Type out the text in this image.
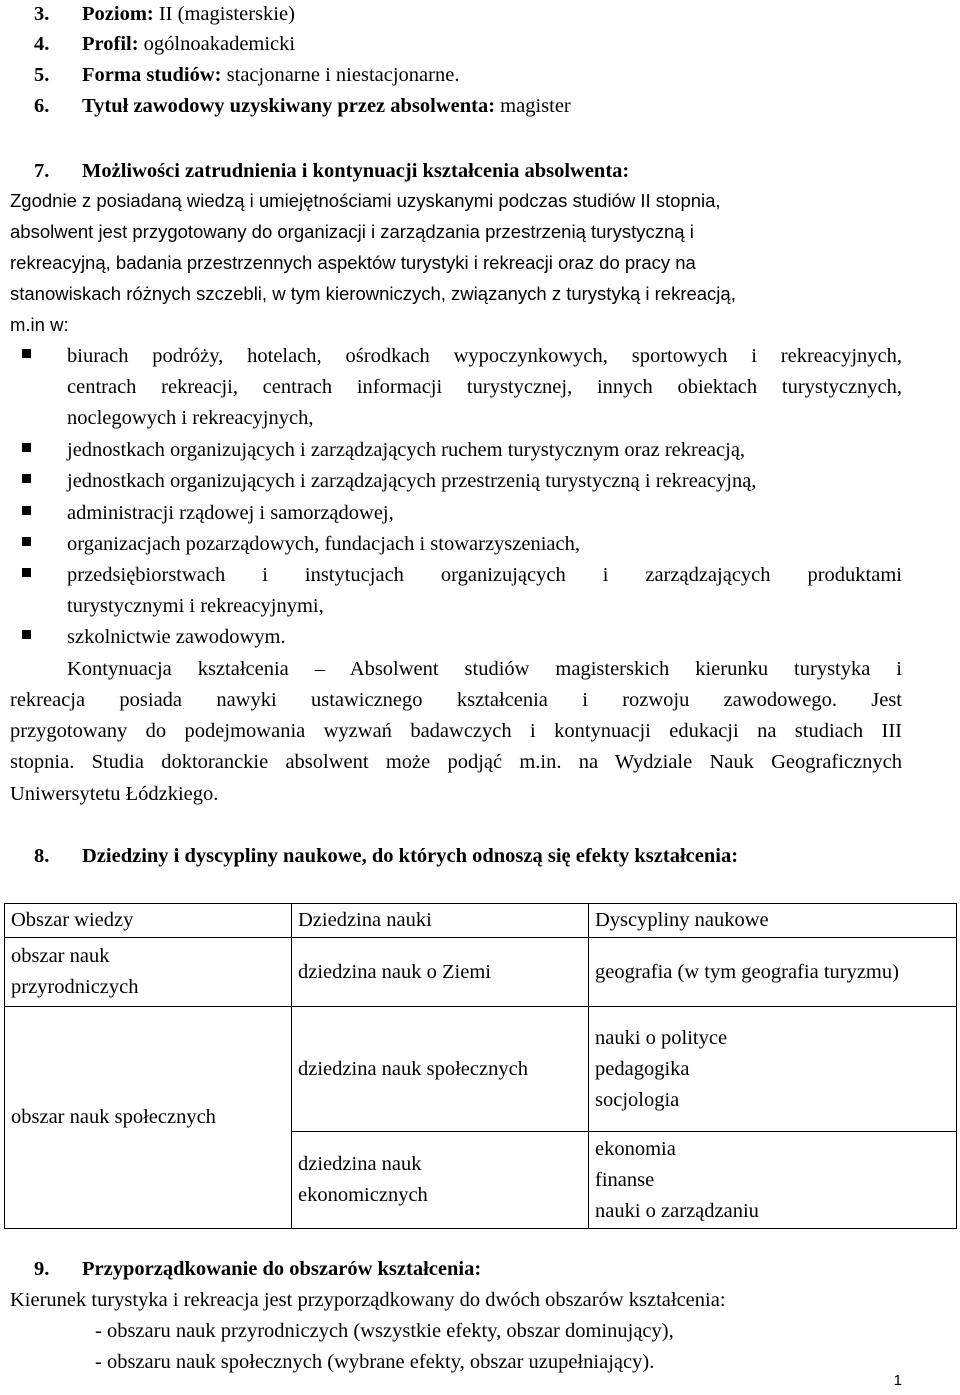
3. Poziom: II (magisterskie)
4. Profil: ogólnoakademicki
5. Forma studiów: stacjonarne i niestacjonarne.
6. Tytuł zawodowy uzyskiwany przez absolwenta: magister
7. Możliwości zatrudnienia i kontynuacji kształcenia absolwenta:
Zgodnie z posiadaną wiedzą i umiejętnościami uzyskanymi podczas studiów II stopnia,
absolwent jest przygotowany do organizacji i zarządzania przestrzenią turystyczną i
rekreacyjną, badania przestrzennych aspektów turystyki i rekreacji oraz do pracy na
stanowiskach różnych szczebli, w tym kierowniczych, związanych z turystyką i rekreacją,
m.in w:
biurach podróży, hotelach, ośrodkach wypoczynkowych, sportowych i rekreacyjnych,
centrach rekreacji, centrach informacji turystycznej, innych obiektach turystycznych,
noclegowych i rekreacyjnych,
jednostkach organizujących i zarządzających ruchem turystycznym oraz rekreacją,
jednostkach organizujących i zarządzających przestrzenią turystyczną i rekreacyjną,
administracji rządowej i samorządowej,
organizacjach pozarządowych, fundacjach i stowarzyszeniach,
przedsiębiorstwach i instytucjach organizujących i zarządzających produktami
turystycznymi i rekreacyjnymi,
szkolnictwie zawodowym.
Kontynuacja kształcenia – Absolwent studiów magisterskich kierunku turystyka i
rekreacja posiada nawyki ustawicznego kształcenia i rozwoju zawodowego. Jest
przygotowany do podejmowania wyzwań badawczych i kontynuacji edukacji na studiach III
stopnia. Studia doktoranckie absolwent może podjąć m.in. na Wydziale Nauk Geograficznych
Uniwersytetu Łódzkiego.
8. Dziedziny i dyscypliny naukowe, do których odnoszą się efekty kształcenia:
Obszar wiedzy	Dziedzina nauki	Dyscypliny naukowe

obszar nauk
przyrodniczych	dziedzina nauk o Ziemi	geografia (w tym geografia turyzmu)
obszar nauk społecznych	dziedzina nauk społecznych	nauki o polityce
pedagogika
socjologia

	dziedzina nauk
ekonomicznych	ekonomia
finanse
nauki o zarządzaniu
9. Przyporządkowanie do obszarów kształcenia:
Kierunek turystyka i rekreacja jest przyporządkowany do dwóch obszarów kształcenia:
- obszaru nauk przyrodniczych (wszystkie efekty, obszar dominujący),
- obszaru nauk społecznych (wybrane efekty, obszar uzupełniający).
1
